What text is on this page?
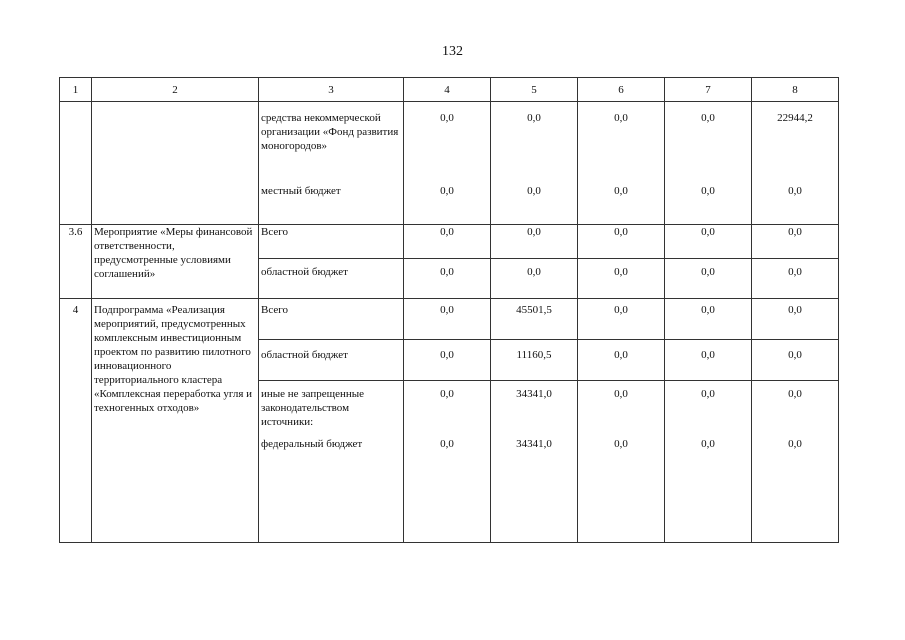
132
1	2	3	4	5	6	7	8

		средства некоммерческой организации «Фонд развития моногородов»	0,0	0,0	0,0	0,0	22944,2

		местный бюджет	0,0	0,0	0,0	0,0	0,0

3.6	Мероприятие «Меры финансовой ответственности, предусмотренные условиями соглашений»	Всего	0,0	0,0	0,0	0,0	0,0

		областной бюджет	0,0	0,0	0,0	0,0	0,0

4	Подпрограмма «Реализация мероприятий, предусмотренных комплексным инвестиционным проектом по развитию пилотного инновационного территориального кластера «Комплексная переработка угля и техногенных отходов»	Всего	0,0	45501,5	0,0	0,0	0,0

		областной бюджет	0,0	11160,5	0,0	0,0	0,0

		иные не запрещенные законодательством источники:	0,0	34341,0	0,0	0,0	0,0

		федеральный бюджет	0,0	34341,0	0,0	0,0	0,0
